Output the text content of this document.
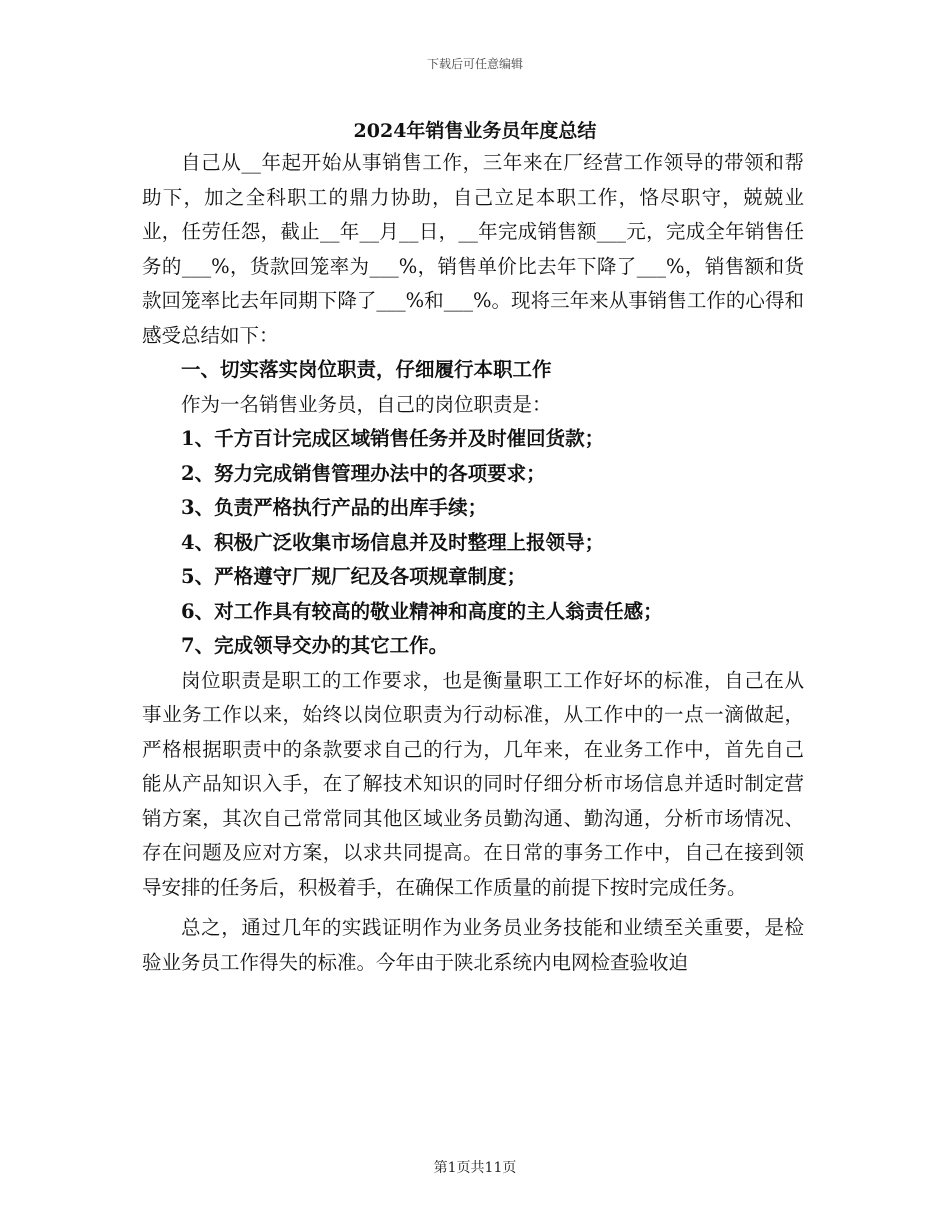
下载后可任意编辑
2024年销售业务员年度总结

自己从__年起开始从事销售工作，三年来在厂经营工作领导的带领和帮助下，加之全科职工的鼎力协助，自己立足本职工作，恪尽职守，兢兢业业，任劳任怨，截止__年__月__日，__年完成销售额___元，完成全年销售任务的___%，货款回笼率为___%，销售单价比去年下降了___%，销售额和货款回笼率比去年同期下降了___%和___%。现将三年来从事销售工作的心得和感受总结如下：

一、切实落实岗位职责，仔细履行本职工作

作为一名销售业务员，自己的岗位职责是：

1、千方百计完成区域销售任务并及时催回货款；

2、努力完成销售管理办法中的各项要求；

3、负责严格执行产品的出库手续；

4、积极广泛收集市场信息并及时整理上报领导；

5、严格遵守厂规厂纪及各项规章制度；

6、对工作具有较高的敬业精神和高度的主人翁责任感；

7、完成领导交办的其它工作。

岗位职责是职工的工作要求，也是衡量职工工作好坏的标准，自己在从事业务工作以来，始终以岗位职责为行动标准，从工作中的一点一滴做起，严格根据职责中的条款要求自己的行为，几年来，在业务工作中，首先自己能从产品知识入手，在了解技术知识的同时仔细分析市场信息并适时制定营销方案，其次自己常常同其他区域业务员勤沟通、勤沟通，分析市场情况、存在问题及应对方案，以求共同提高。在日常的事务工作中，自己在接到领导安排的任务后，积极着手，在确保工作质量的前提下按时完成任务。

总之，通过几年的实践证明作为业务员业务技能和业绩至关重要，是检验业务员工作得失的标准。今年由于陕北系统内电网检查验收迫

第1页共11页
